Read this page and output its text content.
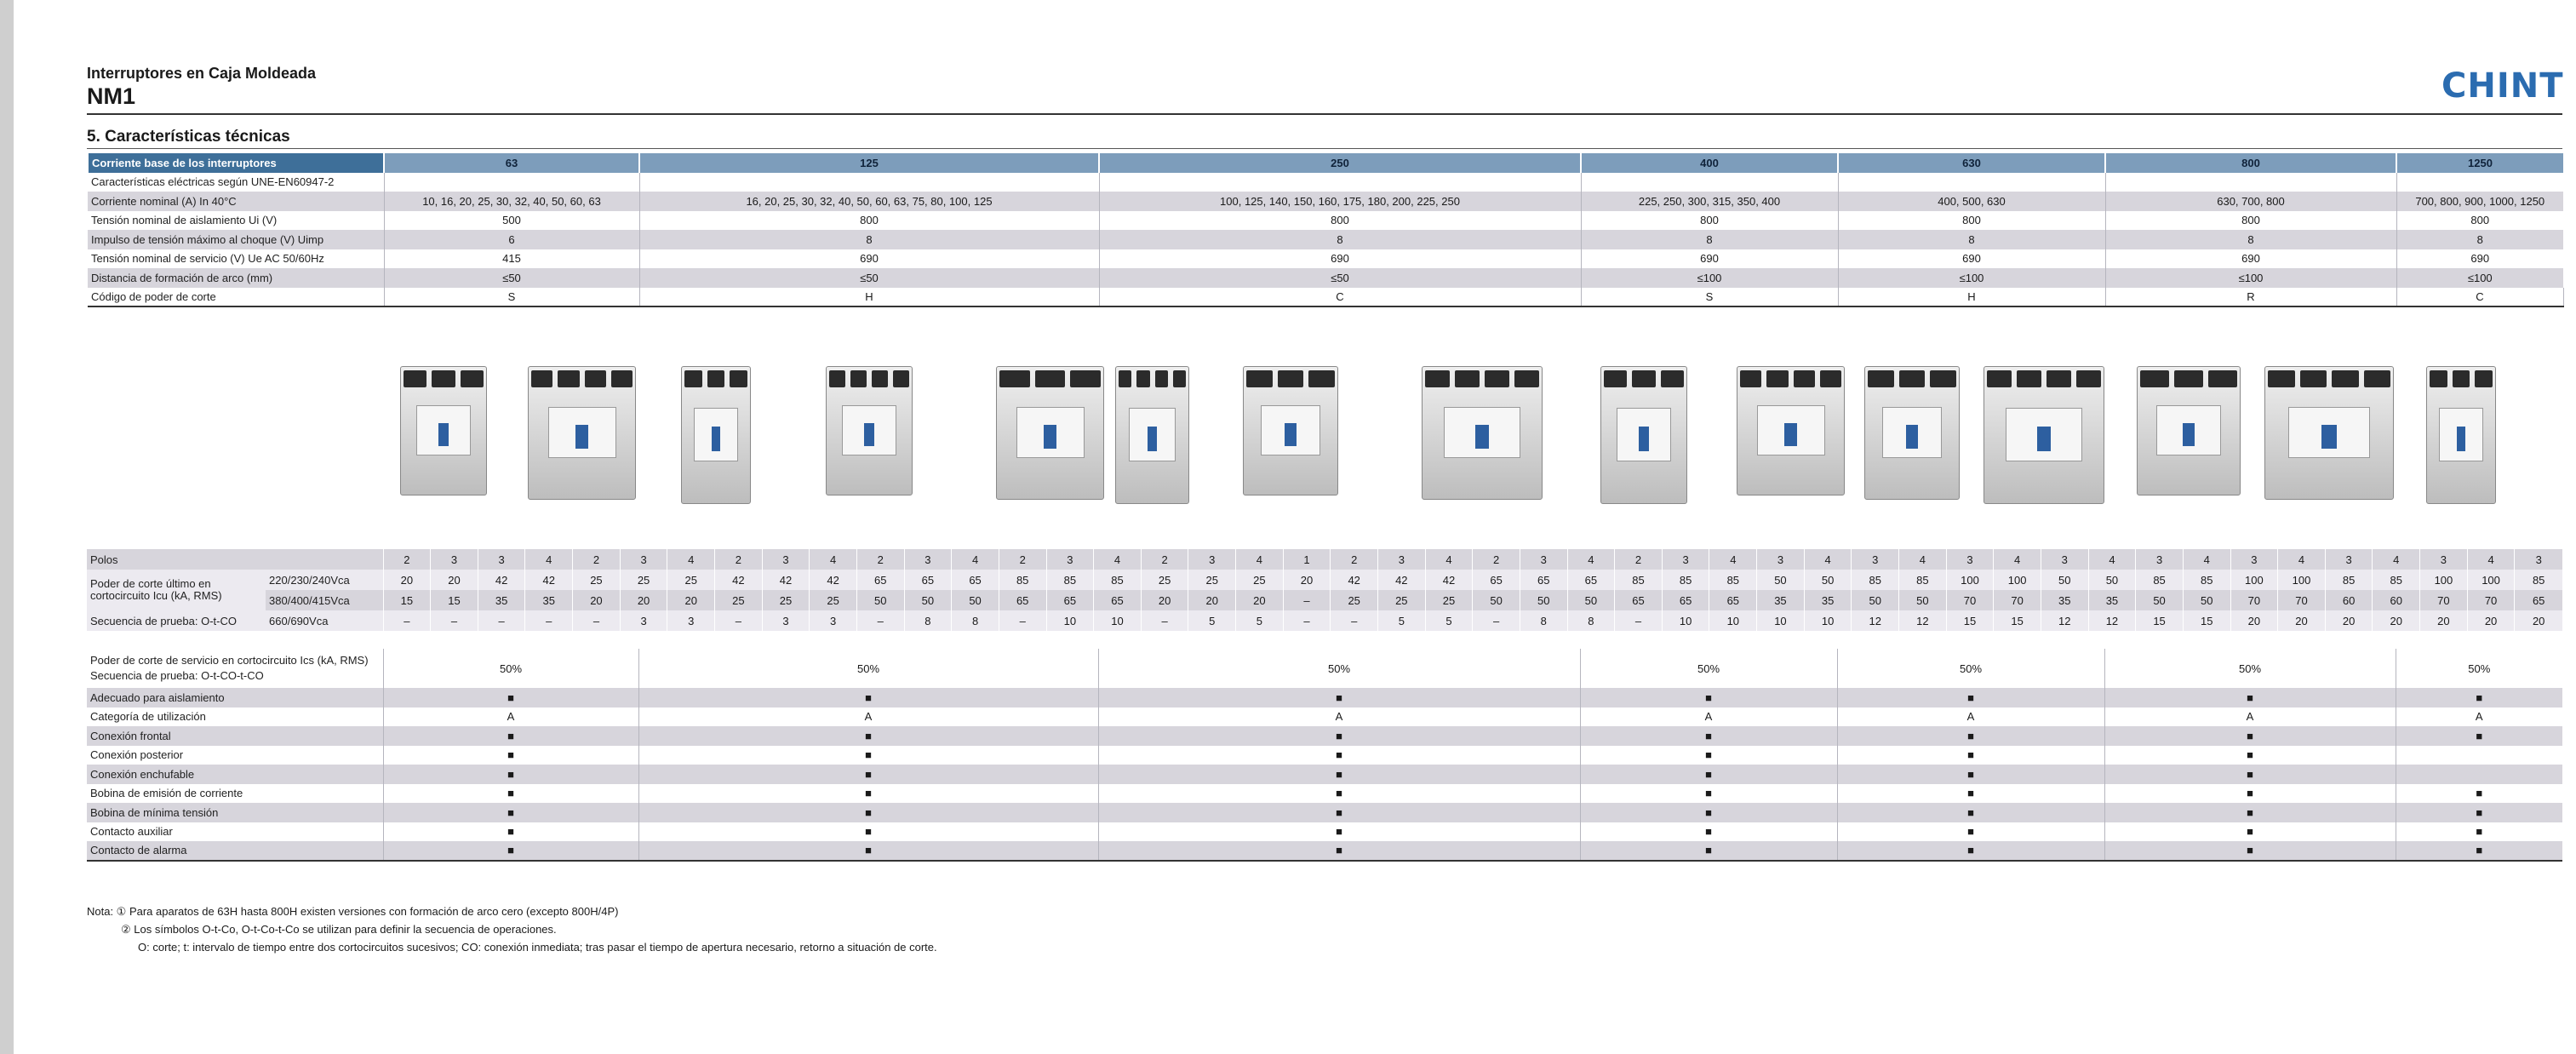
Interruptores en Caja Moldeada
NM1	CHINT
5. Características técnicas
Corriente base de los interruptores	63	125	250	400	630	800	1250	
Características eléctricas según UNE-EN60947-2								
Corriente nominal (A) In 40°C	10, 16, 20, 25, 30, 32, 40, 50, 60, 63	16, 20, 25, 30, 32, 40, 50, 60, 63, 75, 80, 100, 125	100, 125, 140, 150, 160, 175, 180, 200, 225, 250	225, 250, 300, 315, 350, 400	400, 500, 630	630, 700, 800	700, 800, 900, 1000, 1250	
Tensión nominal de aislamiento Ui (V)	500	800	800	800	800	800	800	
Impulso de tensión máximo al choque (V) Uimp	6	8	8	8	8	8	8	
Tensión nominal de servicio (V) Ue AC 50/60Hz	415	690	690	690	690	690	690	
Distancia de formación de arco (mm)	≤50	≤50	≤50	≤100	≤100	≤100	≤100	
Código de poder de corte	S	H	C	S	H	R	C												
Polos		2	3	3	4	2	3	4	2	3	4	2	3	4	2	3	4	2	3	4	1	2	3	4	2	3	4	2	3	4	3	4	3	4	3	4	3	4	3	4	3	4	3	4	3	4	3
Poder de corte último en cortocircuito Icu (kA, RMS)	220/230/240Vca	20	20	42	42	25	25	25	42	42	42	65	65	65	85	85	85	25	25	25	20	42	42	42	65	65	65	85	85	85	50	50	85	85	100	100	50	50	85	85	100	100	85	85	100	100	85
	380/400/415Vca	15	15	35	35	20	20	20	25	25	25	50	50	50	65	65	65	20	20	20	–	25	25	25	50	50	50	65	65	65	35	35	50	50	70	70	35	35	50	50	70	70	60	60	70	70	65
Secuencia de prueba: O-t-CO	660/690Vca	–	–	–	–	–	3	3	–	3	3	–	8	8	–	10	10	–	5	5	–	–	5	5	–	8	8	–	10	10	10	10	12	12	15	15	12	12	15	15	20	20	20	20	20	20	20
Poder de corte de servicio en cortocircuito Ics (kA, RMS)
Secuencia de prueba: O-t-CO-t-CO	50%	50%	50%	50%	50%	50%	50%
Adecuado para aislamiento	■	■	■	■	■	■	■
Categoría de utilización	A	A	A	A	A	A	A
Conexión frontal	■	■	■	■	■	■	■
Conexión posterior	■	■	■	■	■	■	
Conexión enchufable	■	■	■	■	■	■	
Bobina de emisión de corriente	■	■	■	■	■	■	■
Bobina de mínima tensión	■	■	■	■	■	■	■
Contacto auxiliar	■	■	■	■	■	■	■
Contacto de alarma	■	■	■	■	■	■	■
Nota: ① Para aparatos de 63H hasta 800H existen versiones con formación de arco cero (excepto 800H/4P)
② Los símbolos O-t-Co, O-t-Co-t-Co se utilizan para definir la secuencia de operaciones.
O: corte; t: intervalo de tiempo entre dos cortocircuitos sucesivos; CO: conexión inmediata; tras pasar el tiempo de apertura necesario, retorno a situación de corte.
